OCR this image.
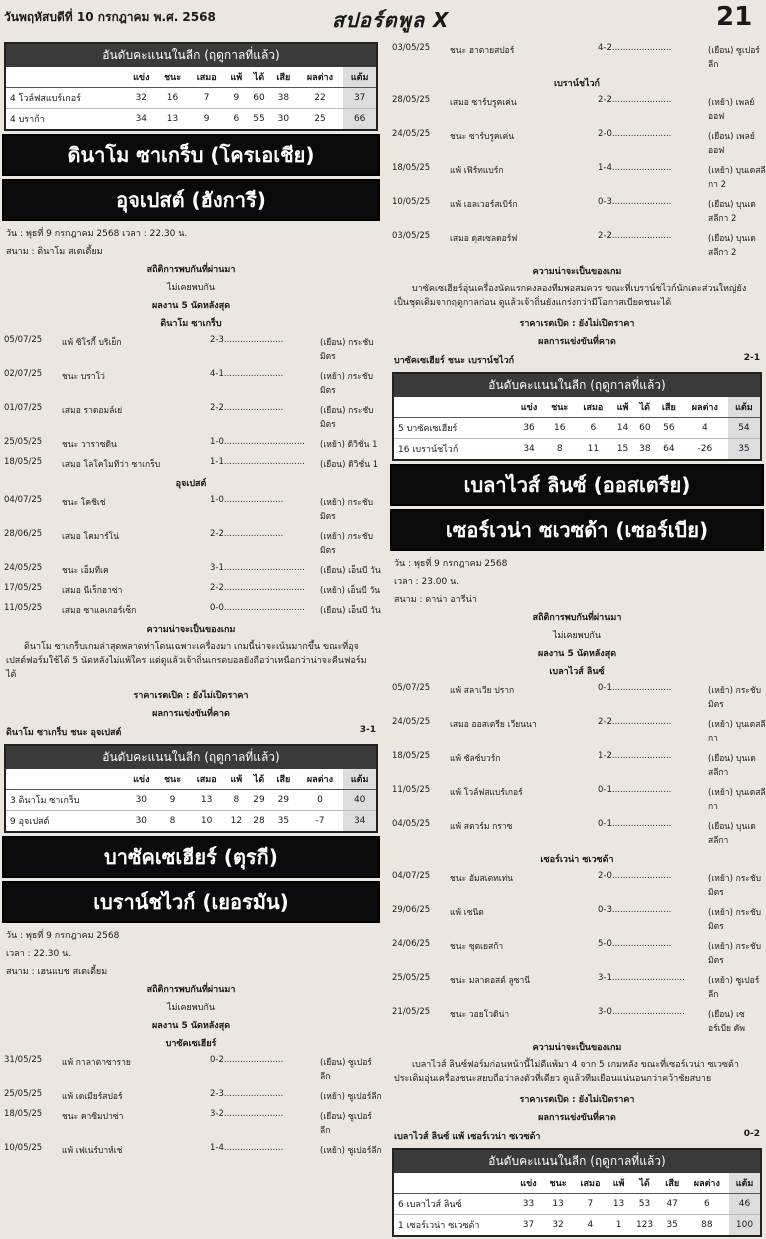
วันพฤหัสบดีที่ 10 กรกฎาคม พ.ศ. 2568	สปอร์ตพูล X	21
อันดับคะแนนในลีก (ฤดูกาลที่แล้ว)
	แข่ง	ชนะ	เสมอ	แพ้	ได้	เสีย	ผลต่าง	แต้ม
4 โวล์ฟสแบร์เกอร์	32	16	7	9	60	38	22	37
4 บราก้า	34	13	9	6	55	30	25	66
ดินาโม ซาเกร็บ (โครเอเชีย)
อุจเปสต์ (ฮังการี)
วัน : พุธที่ 9 กรกฎาคม 2568 เวลา : 22.30 น.
สนาม : ดินาโม สเตเดี้ยม
สถิติการพบกันที่ผ่านมา
ไม่เคยพบกัน
ผลงาน 5 นัดหลังสุด
ดินาโม ซาเกร็บ
05/07/25	แพ้ ซิโรกี้ บริเย็ก	2-3......................	(เยือน) กระชับมิตร
02/07/25	ชนะ บราโว่	4-1......................	(เหย้า) กระชับมิตร
01/07/25	เสมอ ราดอมล์เย่	2-2......................	(เยือน) กระชับมิตร
25/05/25	ชนะ วาราซดิน	1-0..............................	(เหย้า) ดิวิชั่น 1
18/05/25	เสมอ โลโคโมทีว่า ซาเกร็บ	1-1..............................	(เยือน) ดิวิชั่น 1
อุจเปสต์
04/07/25	ชนะ โคชิเช่	1-0......................	(เหย้า) กระชับมิตร
28/06/25	เสมอ โคมาร์โน่	2-2......................	(เหย้า) กระชับมิตร
24/05/25	ชนะ เอ็มทีเค	3-1..............................	(เยือน) เอ็นบี วัน
17/05/25	เสมอ นีเร็กฮาซ่า	2-2..............................	(เหย้า) เอ็นบี วัน
11/05/25	เสมอ ซาแลเกอร์เซ็ก	0-0..............................	(เยือน) เอ็นบี วัน
ความน่าจะเป็นของเกม
ดินาโม ซาเกร็บเกมล่าสุดพลาดท่าโดนเฉพาะเครื่องมา เกมนี้น่าจะเน้นมากขึ้น ขณะที่อุจเปสต์ฟอร์มใช้ได้ 5 นัดหลังไม่แพ้ใคร แต่ดูแล้วเจ้าถิ่นเกรดบอลยังถือว่าเหนือกว่าน่าจะคืนฟอร์มได้
ราคาเรตเปิด : ยังไม่เปิดราคา
ผลการแข่งขันที่คาด
ดินาโม ซาเกร็บ ชนะ อุจเปสต์	3-1
อันดับคะแนนในลีก (ฤดูกาลที่แล้ว)
	แข่ง	ชนะ	เสมอ	แพ้	ได้	เสีย	ผลต่าง	แต้ม
3 ดินาโม ซาเกร็บ	30	9	13	8	29	29	0	40
9 อุจเปสต์	30	8	10	12	28	35	-7	34
บาซัคเซเฮียร์ (ตุรกี)
เบราน์ชไวก์ (เยอรมัน)
วัน : พุธที่ 9 กรกฎาคม 2568
เวลา : 22.30 น.
สนาม : เฮนแบช สเตเดี้ยม
สถิติการพบกันที่ผ่านมา
ไม่เคยพบกัน
ผลงาน 5 นัดหลังสุด
บาซัคเซเฮียร์
31/05/25	แพ้ กาลาตาซาราย	0-2......................	(เยือน) ซูเปอร์ลีก
25/05/25	แพ้ เดเมียร์สปอร์	2-3......................	(เหย้า) ซูเปอร์ลีก
18/05/25	ชนะ คาซิมปาซ่า	3-2......................	(เยือน) ซูเปอร์ลีก
10/05/25	แพ้ เฟเนร์บาห์เช่	1-4......................	(เหย้า) ซูเปอร์ลีก
03/05/25	ชนะ ฮาตายสปอร์	4-2......................	(เยือน) ซูเปอร์ลีก
เบราน์ชไวก์
28/05/25	เสมอ ซาร์บรูคเค่น	2-2......................	(เหย้า) เพลย์ออฟ
24/05/25	ชนะ ซาร์บรูคเค่น	2-0......................	(เยือน) เพลย์ออฟ
18/05/25	แพ้ เฟิร์ทแบร์ก	1-4......................	(เหย้า) บุนเดสลีกา 2
10/05/25	แพ้ เอลเวอร์สเบิร์ก	0-3......................	(เยือน) บุนเดสลีกา 2
03/05/25	เสมอ ดุสเซลดอร์ฟ	2-2......................	(เยือน) บุนเดสลีกา 2
ความน่าจะเป็นของเกม
บาซัคเซเฮียร์อุ่นเครื่องนัดแรกคงลองทีมพอสมควร ขณะที่เบราน์ชไวก์นักเตะส่วนใหญ่ยังเป็นชุดเดิมจากฤดูกาลก่อน ดูแล้วเจ้าถิ่นยังแกร่งกว่ามีโอกาสเบียดชนะได้
ราคาเรตเปิด : ยังไม่เปิดราคา
ผลการแข่งขันที่คาด
บาซัคเซเฮียร์ ชนะ เบราน์ชไวก์	2-1
อันดับคะแนนในลีก (ฤดูกาลที่แล้ว)
	แข่ง	ชนะ	เสมอ	แพ้	ได้	เสีย	ผลต่าง	แต้ม
5 บาซัคเซเฮียร์	36	16	6	14	60	56	4	54
16 เบราน์ชไวก์	34	8	11	15	38	64	-26	35
เบลาไวส์ ลินซ์ (ออสเตรีย)
เซอร์เวน่า ซเวซด้า (เซอร์เบีย)
วัน : พุธที่ 9 กรกฎาคม 2568
เวลา : 23.00 น.
สนาม : ดาน่า อารีน่า
สถิติการพบกันที่ผ่านมา
ไม่เคยพบกัน
ผลงาน 5 นัดหลังสุด
เบลาไวส์ ลินซ์
05/07/25	แพ้ สลาเวีย ปราก	0-1......................	(เหย้า) กระชับมิตร
24/05/25	เสมอ ออสเตรีย เวียนนา	2-2......................	(เหย้า) บุนเดสลีกา
18/05/25	แพ้ ซัลซ์บวร์ก	1-2......................	(เยือน) บุนเดสลีกา
11/05/25	แพ้ โวล์ฟสแบร์เกอร์	0-1......................	(เหย้า) บุนเดสลีกา
04/05/25	แพ้ สตวร์ม กราซ	0-1......................	(เยือน) บุนเดสลีกา
เซอร์เวน่า ซเวซด้า
04/07/25	ชนะ อัมสเตทเท่น	2-0......................	(เหย้า) กระชับมิตร
29/06/25	แพ้ เซนิต	0-3......................	(เหย้า) กระชับมิตร
24/06/25	ชนะ ซุตเยสก้า	5-0......................	(เหย้า) กระชับมิตร
25/05/25	ชนะ มลาดอสต์ ลูซานี	3-1...........................	(เหย้า) ซูเปอร์ลีก
21/05/25	ชนะ วอยโวดิน่า	3-0...........................	(เยือน) เซอร์เบีย คัพ
ความน่าจะเป็นของเกม
เบลาไวส์ ลินซ์ฟอร์มก่อนหน้านี้ไม่ดีแพ้มา 4 จาก 5 เกมหลัง ขณะที่เซอร์เวน่า ซเวซด้าประเดิมอุ่นเครื่องชนะสยบถือว่าลงตัวที่เดียว ดูแล้วทีมเยือนแน่นอนกว่าคว้าชัยสบาย
ราคาเรตเปิด : ยังไม่เปิดราคา
ผลการแข่งขันที่คาด
เบลาไวส์ ลินซ์ แพ้ เซอร์เวน่า ซเวซด้า	0-2
อันดับคะแนนในลีก (ฤดูกาลที่แล้ว)
	แข่ง	ชนะ	เสมอ	แพ้	ได้	เสีย	ผลต่าง	แต้ม
6 เบลาไวส์ ลินซ์	33	13	7	13	53	47	6	46
1 เซอร์เวน่า ซเวซด้า	37	32	4	1	123	35	88	100
